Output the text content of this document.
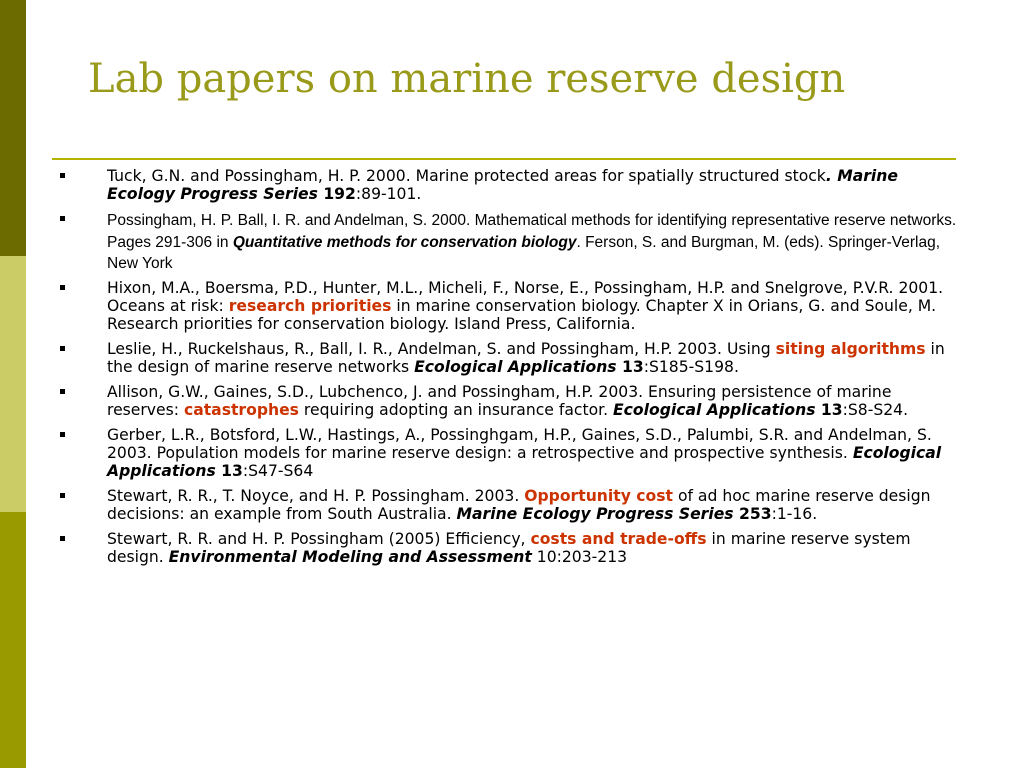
Lab papers on marine reserve design
Tuck, G.N. and Possingham, H. P. 2000. Marine protected areas for spatially structured stock. Marine Ecology Progress Series 192:89-101.
Possingham, H. P. Ball, I. R. and Andelman, S. 2000. Mathematical methods for identifying representative reserve networks. Pages 291-306 in Quantitative methods for conservation biology. Ferson, S. and Burgman, M. (eds). Springer-Verlag, New York
Hixon, M.A., Boersma, P.D., Hunter, M.L., Micheli, F., Norse, E., Possingham, H.P. and Snelgrove, P.V.R. 2001. Oceans at risk: research priorities in marine conservation biology. Chapter X in Orians, G. and Soule, M. Research priorities for conservation biology. Island Press, California.
Leslie, H., Ruckelshaus, R., Ball, I. R., Andelman, S. and Possingham, H.P. 2003. Using siting algorithms in the design of marine reserve networks Ecological Applications 13:S185-S198.
Allison, G.W., Gaines, S.D., Lubchenco, J. and Possingham, H.P. 2003. Ensuring persistence of marine reserves: catastrophes requiring adopting an insurance factor. Ecological Applications 13:S8-S24.
Gerber, L.R., Botsford, L.W., Hastings, A., Possinghgam, H.P., Gaines, S.D., Palumbi, S.R. and Andelman, S. 2003. Population models for marine reserve design: a retrospective and prospective synthesis. Ecological Applications 13:S47-S64
Stewart, R. R., T. Noyce, and H. P. Possingham. 2003. Opportunity cost of ad hoc marine reserve design decisions: an example from South Australia. Marine Ecology Progress Series 253:1-16.
Stewart, R. R. and H. P. Possingham (2005) Efficiency, costs and trade-offs in marine reserve system design. Environmental Modeling and Assessment 10:203-213
